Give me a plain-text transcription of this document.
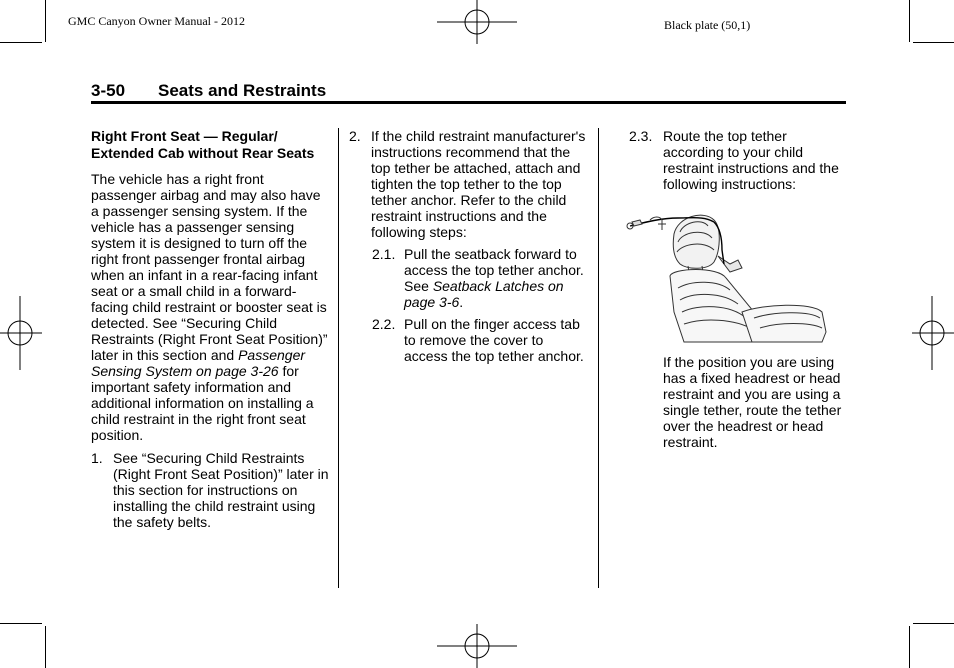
GMC Canyon Owner Manual - 2012	Black plate (50,1)
3-50 Seats and Restraints
Right Front Seat — Regular/ Extended Cab without Rear Seats

The vehicle has a right front passenger airbag and may also have a passenger sensing system. If the vehicle has a passenger sensing system it is designed to turn off the right front passenger frontal airbag when an infant in a rear-facing infant seat or a small child in a forward-facing child restraint or booster seat is detected. See “Securing Child Restraints (Right Front Seat Position)” later in this section and Passenger Sensing System on page 3-26 for important safety information and additional information on installing a child restraint in the right front seat position.

1. See “Securing Child Restraints (Right Front Seat Position)” later in this section for instructions on installing the child restraint using the safety belts.
2. If the child restraint manufacturer's instructions recommend that the top tether be attached, attach and tighten the top tether to the top tether anchor. Refer to the child restraint instructions and the following steps:
2.1. Pull the seatback forward to access the top tether anchor. See Seatback Latches on page 3-6.
2.2. Pull on the finger access tab to remove the cover to access the top tether anchor.
2.3. Route the top tether according to your child restraint instructions and the following instructions:

If the position you are using has a fixed headrest or head restraint and you are using a single tether, route the tether over the headrest or head restraint.
